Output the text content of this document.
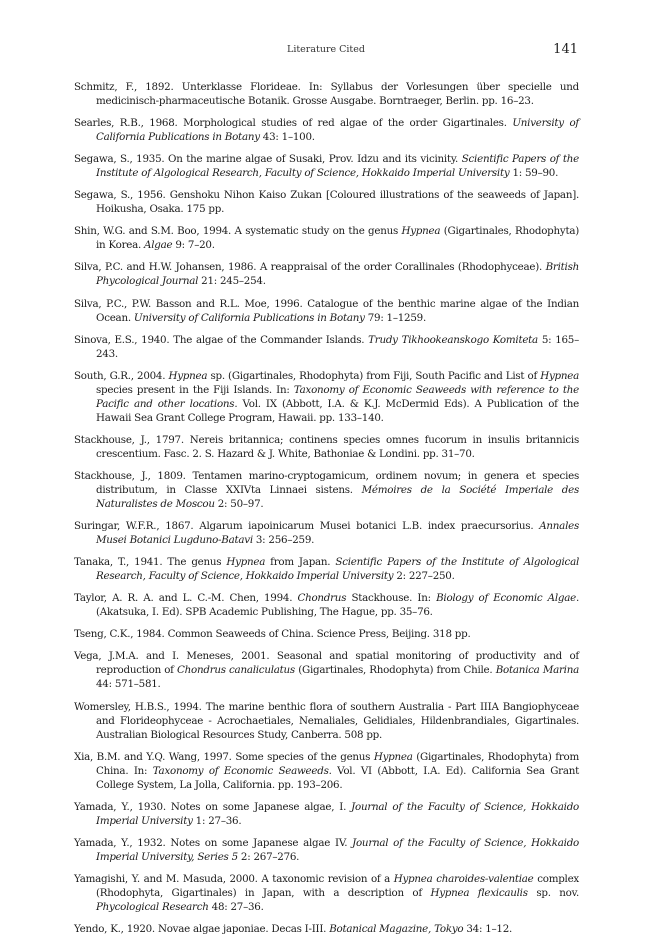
Literature Cited	141
Schmitz, F., 1892. Unterklasse Florideae. In: Syllabus der Vorlesungen über specielle und medicinisch-pharmaceutische Botanik. Grosse Ausgabe. Borntraeger, Berlin. pp. 16–23.
Searles, R.B., 1968. Morphological studies of red algae of the order Gigartinales. University of California Publications in Botany 43: 1–100.
Segawa, S., 1935. On the marine algae of Susaki, Prov. Idzu and its vicinity. Scientific Papers of the Institute of Algological Research, Faculty of Science, Hokkaido Imperial University 1: 59–90.
Segawa, S., 1956. Genshoku Nihon Kaiso Zukan [Coloured illustrations of the seaweeds of Japan]. Hoikusha, Osaka. 175 pp.
Shin, W.G. and S.M. Boo, 1994. A systematic study on the genus Hypnea (Gigartinales, Rhodophyta) in Korea. Algae 9: 7–20.
Silva, P.C. and H.W. Johansen, 1986. A reappraisal of the order Corallinales (Rhodophyceae). British Phycological Journal 21: 245–254.
Silva, P.C., P.W. Basson and R.L. Moe, 1996. Catalogue of the benthic marine algae of the Indian Ocean. University of California Publications in Botany 79: 1–1259.
Sinova, E.S., 1940. The algae of the Commander Islands. Trudy Tikhookeanskogo Komiteta 5: 165–243.
South, G.R., 2004. Hypnea sp. (Gigartinales, Rhodophyta) from Fiji, South Pacific and List of Hypnea species present in the Fiji Islands. In: Taxonomy of Economic Seaweeds with reference to the Pacific and other locations. Vol. IX (Abbott, I.A. & K.J. McDermid Eds). A Publication of the Hawaii Sea Grant College Program, Hawaii. pp. 133–140.
Stackhouse, J., 1797. Nereis britannica; continens species omnes fucorum in insulis britannicis crescentium. Fasc. 2. S. Hazard & J. White, Bathoniae & Londini. pp. 31–70.
Stackhouse, J., 1809. Tentamen marino-cryptogamicum, ordinem novum; in genera et species distributum, in Classe XXIVta Linnaei sistens. Mémoires de la Société Imperiale des Naturalistes de Moscou 2: 50–97.
Suringar, W.F.R., 1867. Algarum iapoinicarum Musei botanici L.B. index praecursorius. Annales Musei Botanici Lugduno-Batavi 3: 256–259.
Tanaka, T., 1941. The genus Hypnea from Japan. Scientific Papers of the Institute of Algological Research, Faculty of Science, Hokkaido Imperial University 2: 227–250.
Taylor, A. R. A. and L. C.-M. Chen, 1994. Chondrus Stackhouse. In: Biology of Economic Algae. (Akatsuka, I. Ed). SPB Academic Publishing, The Hague, pp. 35–76.
Tseng, C.K., 1984. Common Seaweeds of China. Science Press, Beijing. 318 pp.
Vega, J.M.A. and I. Meneses, 2001. Seasonal and spatial monitoring of productivity and of reproduction of Chondrus canaliculatus (Gigartinales, Rhodophyta) from Chile. Botanica Marina 44: 571–581.
Womersley, H.B.S., 1994. The marine benthic flora of southern Australia - Part IIIA Bangiophyceae and Florideophyceae - Acrochaetiales, Nemaliales, Gelidiales, Hildenbrandiales, Gigartinales. Australian Biological Resources Study, Canberra. 508 pp.
Xia, B.M. and Y.Q. Wang, 1997. Some species of the genus Hypnea (Gigartinales, Rhodophyta) from China. In: Taxonomy of Economic Seaweeds. Vol. VI (Abbott, I.A. Ed). California Sea Grant College System, La Jolla, California. pp. 193–206.
Yamada, Y., 1930. Notes on some Japanese algae, I. Journal of the Faculty of Science, Hokkaido Imperial University 1: 27–36.
Yamada, Y., 1932. Notes on some Japanese algae IV. Journal of the Faculty of Science, Hokkaido Imperial University, Series 5 2: 267–276.
Yamagishi, Y. and M. Masuda, 2000. A taxonomic revision of a Hypnea charoides-valentiae complex (Rhodophyta, Gigartinales) in Japan, with a description of Hypnea flexicaulis sp. nov. Phycological Research 48: 27–36.
Yendo, K., 1920. Novae algae japoniae. Decas I-III. Botanical Magazine, Tokyo 34: 1–12.
